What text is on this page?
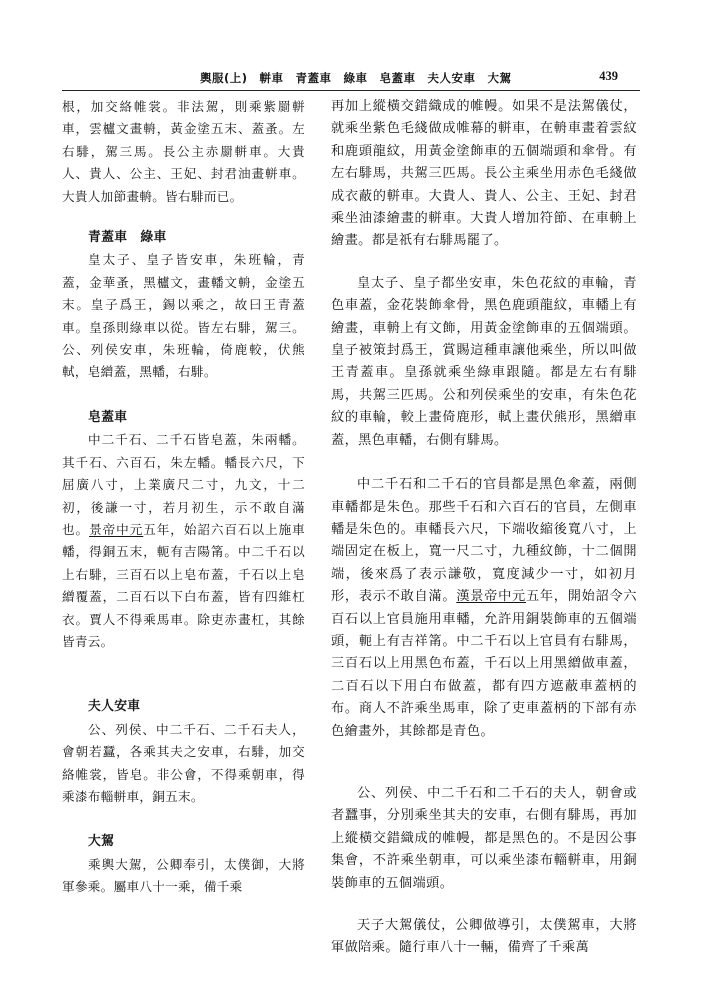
輿服(上)　軿車　青蓋車　綠車　皂蓋車　夫人安車　大駕	439

根，加交絡帷裳。非法駕，則乘紫罽軿車，雲櫨文畫輈，黃金塗五末、蓋蚤。左右騑，駕三馬。長公主赤罽軿車。大貴人、貴人、公主、王妃、封君油畫軿車。大貴人加節畫輈。皆右騑而已。

青蓋車　綠車

皇太子、皇子皆安車，朱班輪，青蓋，金華蚤，黑櫨文，畫轓文輈，金塗五末。皇子爲王，錫以乘之，故曰王青蓋車。皇孫則綠車以從。皆左右騑，駕三。公、列侯安車，朱班輪，倚鹿較，伏熊軾，皂繒蓋，黑轓，右騑。

皂蓋車

中二千石、二千石皆皂蓋，朱兩轓。其千石、六百石，朱左轓。轓長六尺，下屈廣八寸，上業廣尺二寸，九文，十二初，後謙一寸，若月初生，示不敢自滿也。景帝中元五年，始詔六百石以上施車轓，得銅五末，軛有吉陽筩。中二千石以上右騑，三百石以上皂布蓋，千石以上皂繒覆蓋，二百石以下白布蓋，皆有四維杠衣。賈人不得乘馬車。除吏赤畫杠，其餘皆青云。

夫人安車

公、列侯、中二千石、二千石夫人，會朝若蠶，各乘其夫之安車，右騑，加交絡帷裳，皆皂。非公會，不得乘朝車，得乘漆布輜軿車，銅五末。

大駕

乘輿大駕，公卿奉引，太僕御，大將軍參乘。屬車八十一乘，備千乘

再加上縱橫交錯織成的帷幔。如果不是法駕儀仗，就乘坐紫色毛綫做成帷幕的軿車，在輈車畫着雲紋和鹿頭龍紋，用黃金塗飾車的五個端頭和傘骨。有左右騑馬，共駕三匹馬。長公主乘坐用赤色毛綫做成衣蔽的軿車。大貴人、貴人、公主、王妃、封君乘坐油漆繪畫的軿車。大貴人增加符節、在車輈上繪畫。都是祇有右騑馬罷了。

皇太子、皇子都坐安車，朱色花紋的車輪，青色車蓋，金花裝飾傘骨，黑色鹿頭龍紋，車轓上有繪畫，車輈上有文飾，用黃金塗飾車的五個端頭。皇子被策封爲王，賞賜這種車讓他乘坐，所以叫做王青蓋車。皇孫就乘坐綠車跟隨。都是左右有騑馬，共駕三匹馬。公和列侯乘坐的安車，有朱色花紋的車輪，較上畫倚鹿形，軾上畫伏熊形，黑繒車蓋，黑色車轓，右側有騑馬。

中二千石和二千石的官員都是黑色傘蓋，兩側車轓都是朱色。那些千石和六百石的官員，左側車轓是朱色的。車轓長六尺，下端收縮後寬八寸，上端固定在板上，寬一尺二寸，九種紋飾，十二個開端，後來爲了表示謙敬，寬度減少一寸，如初月形，表示不敢自滿。漢景帝中元五年，開始詔令六百石以上官員施用車轓，允許用銅裝飾車的五個端頭，軛上有吉祥筩。中二千石以上官員有右騑馬，三百石以上用黑色布蓋，千石以上用黑繒做車蓋，二百石以下用白布做蓋，都有四方遮蔽車蓋柄的布。商人不許乘坐馬車，除了吏車蓋柄的下部有赤色繪畫外，其餘都是青色。

公、列侯、中二千石和二千石的夫人，朝會或者蠶事，分別乘坐其夫的安車，右側有騑馬，再加上縱橫交錯織成的帷幔，都是黑色的。不是因公事集會，不許乘坐朝車，可以乘坐漆布輜軿車，用銅裝飾車的五個端頭。

天子大駕儀仗，公卿做導引，太僕駕車，大將軍做陪乘。隨行車八十一輛，備齊了千乘萬
